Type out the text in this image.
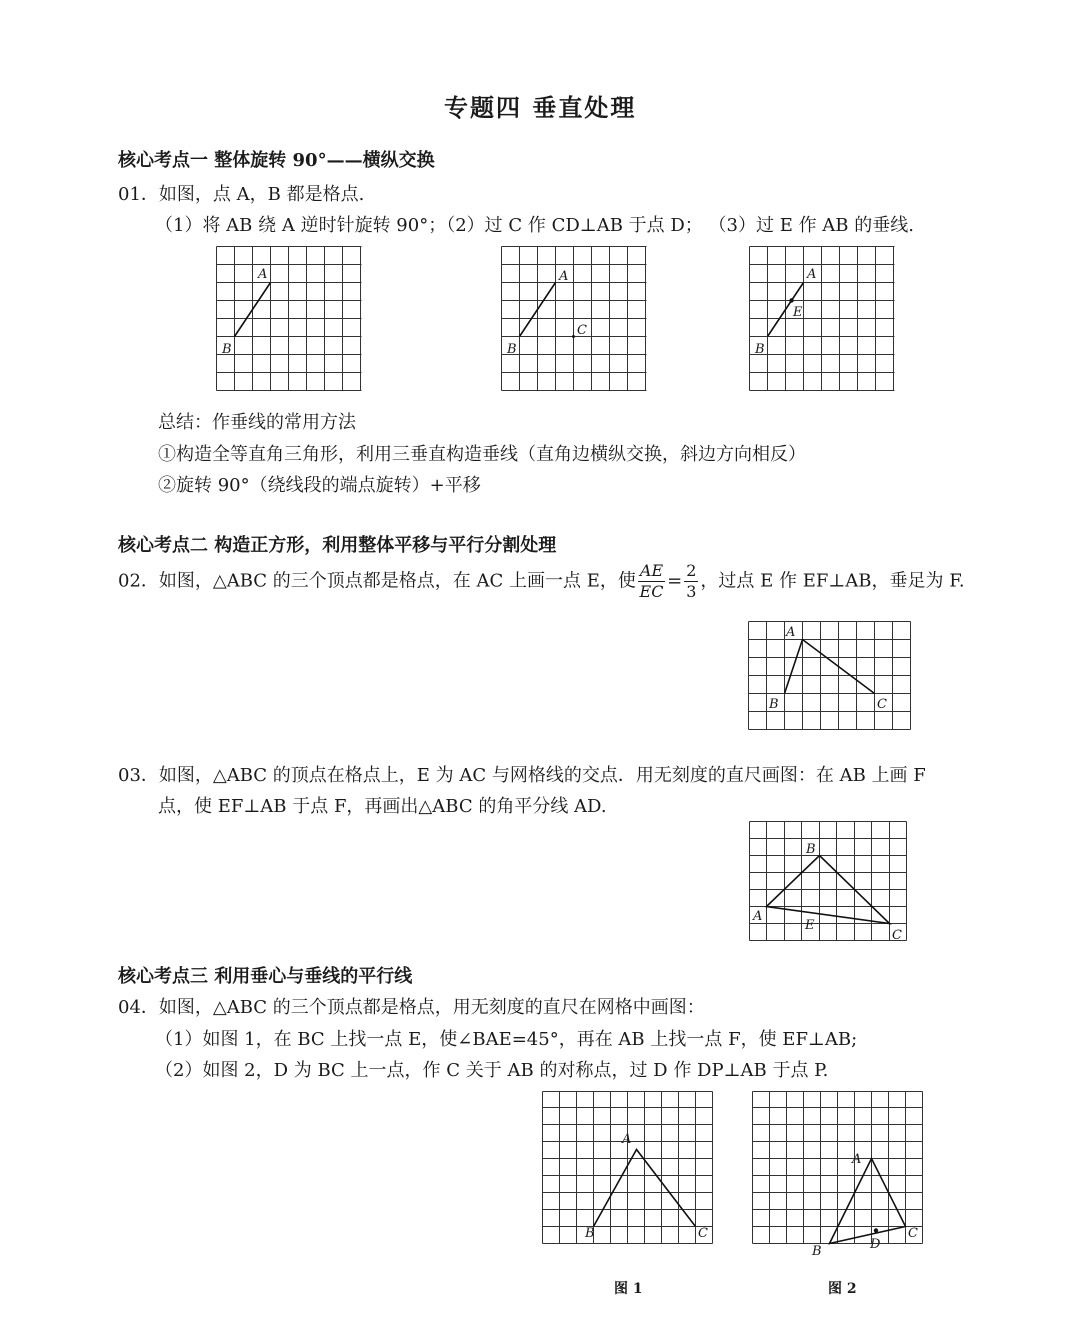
专题四 垂直处理
核心考点一 整体旋转 90°——横纵交换
01．如图，点 A，B 都是格点.
（1）将 AB 绕 A 逆时针旋转 90°；（2）过 C 作 CD⊥AB 于点 D； （3）过 E 作 AB 的垂线.
A
B
A
B
C
A
B
E
总结：作垂线的常用方法
①构造全等直角三角形，利用三垂直构造垂线（直角边横纵交换，斜边方向相反）
②旋转 90°（绕线段的端点旋转）+平移
核心考点二 构造正方形，利用整体平移与平行分割处理
02．如图，△ABC 的三个顶点都是格点，在 AC 上画一点 E，使 $\frac{AE}{EC} = \frac{2}{3}$ ，过点 E 作 EF⊥AB，垂足为 F.
A
B	C
03．如图，△ABC 的顶点在格点上，E 为 AC 与网格线的交点．用无刻度的直尺画图：在 AB 上画 F
点，使 EF⊥AB 于点 F，再画出△ABC 的角平分线 AD.
B
A
E
C
核心考点三 利用垂心与垂线的平行线
04．如图，△ABC 的三个顶点都是格点，用无刻度的直尺在网格中画图：
（1）如图 1，在 BC 上找一点 E，使∠BAE=45°，再在 AB 上找一点 F，使 EF⊥AB;
（2）如图 2，D 为 BC 上一点，作 C 关于 AB 的对称点，过 D 作 DP⊥AB 于点 P.
A
B	C
图 1
A
B
C
D
图 2
